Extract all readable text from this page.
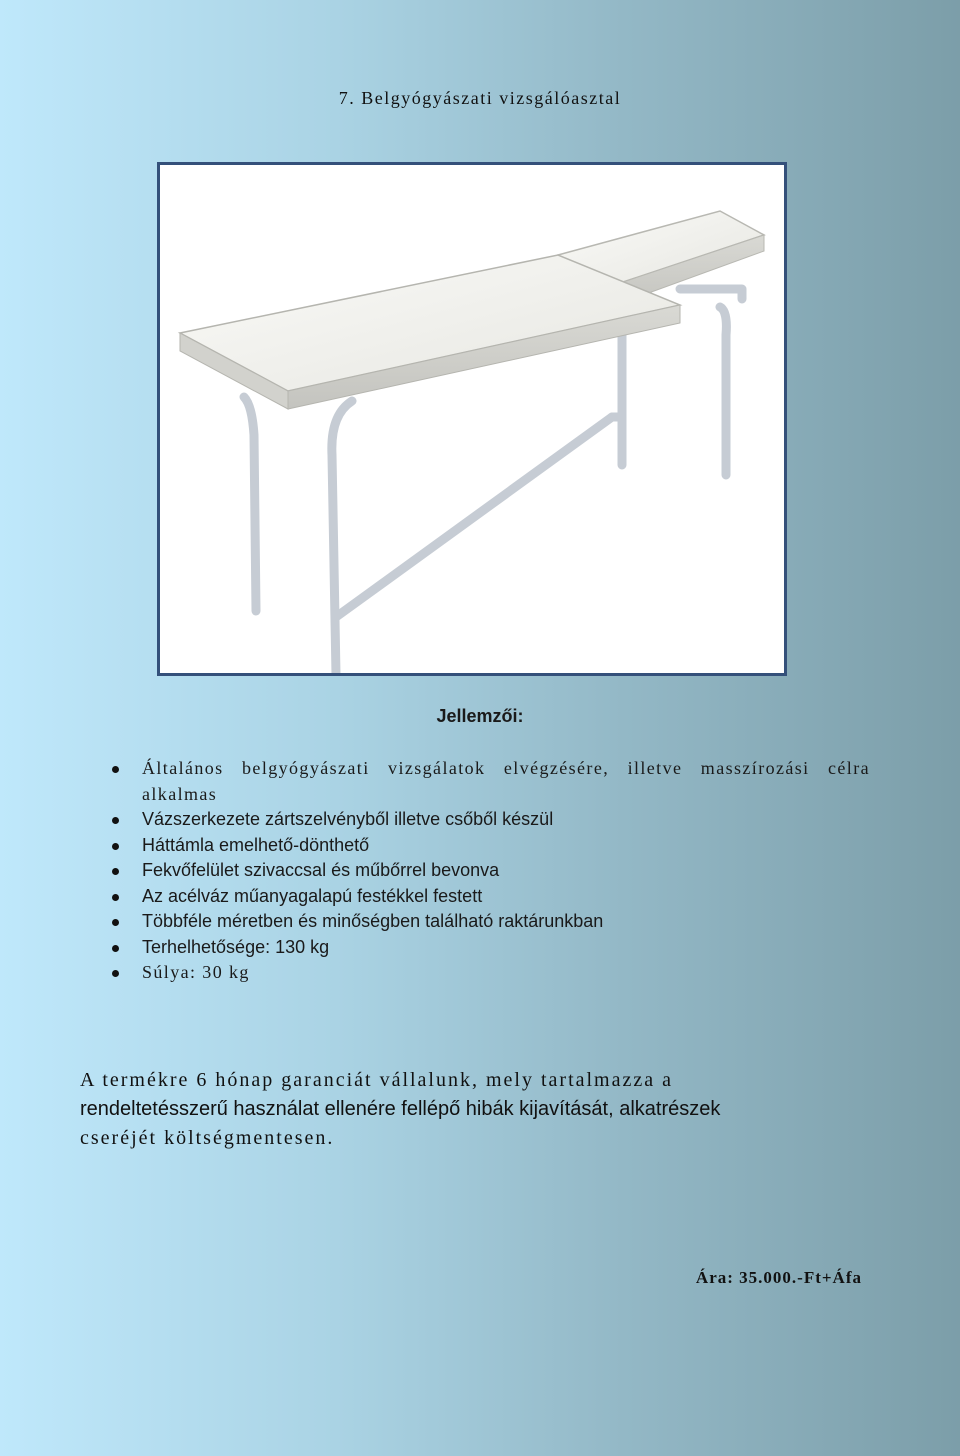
7. Belgyógyászati vizsgálóasztal
Jellemzői:
Általános belgyógyászati vizsgálatok elvégzésére, illetve masszírozási célra alkalmas
Vázszerkezete zártszelvényből illetve csőből készül
Háttámla emelhető-dönthető
Fekvőfelület szivaccsal és műbőrrel bevonva
Az acélváz műanyagalapú festékkel festett
Többféle méretben és minőségben található raktárunkban
Terhelhetősége: 130 kg
Súlya: 30 kg
A termékre 6 hónap garanciát vállalunk, mely tartalmazza a
rendeltetésszerű használat ellenére fellépő hibák kijavítását, alkatrészek
cseréjét költségmentesen.
Ára: 35.000.-Ft+Áfa
